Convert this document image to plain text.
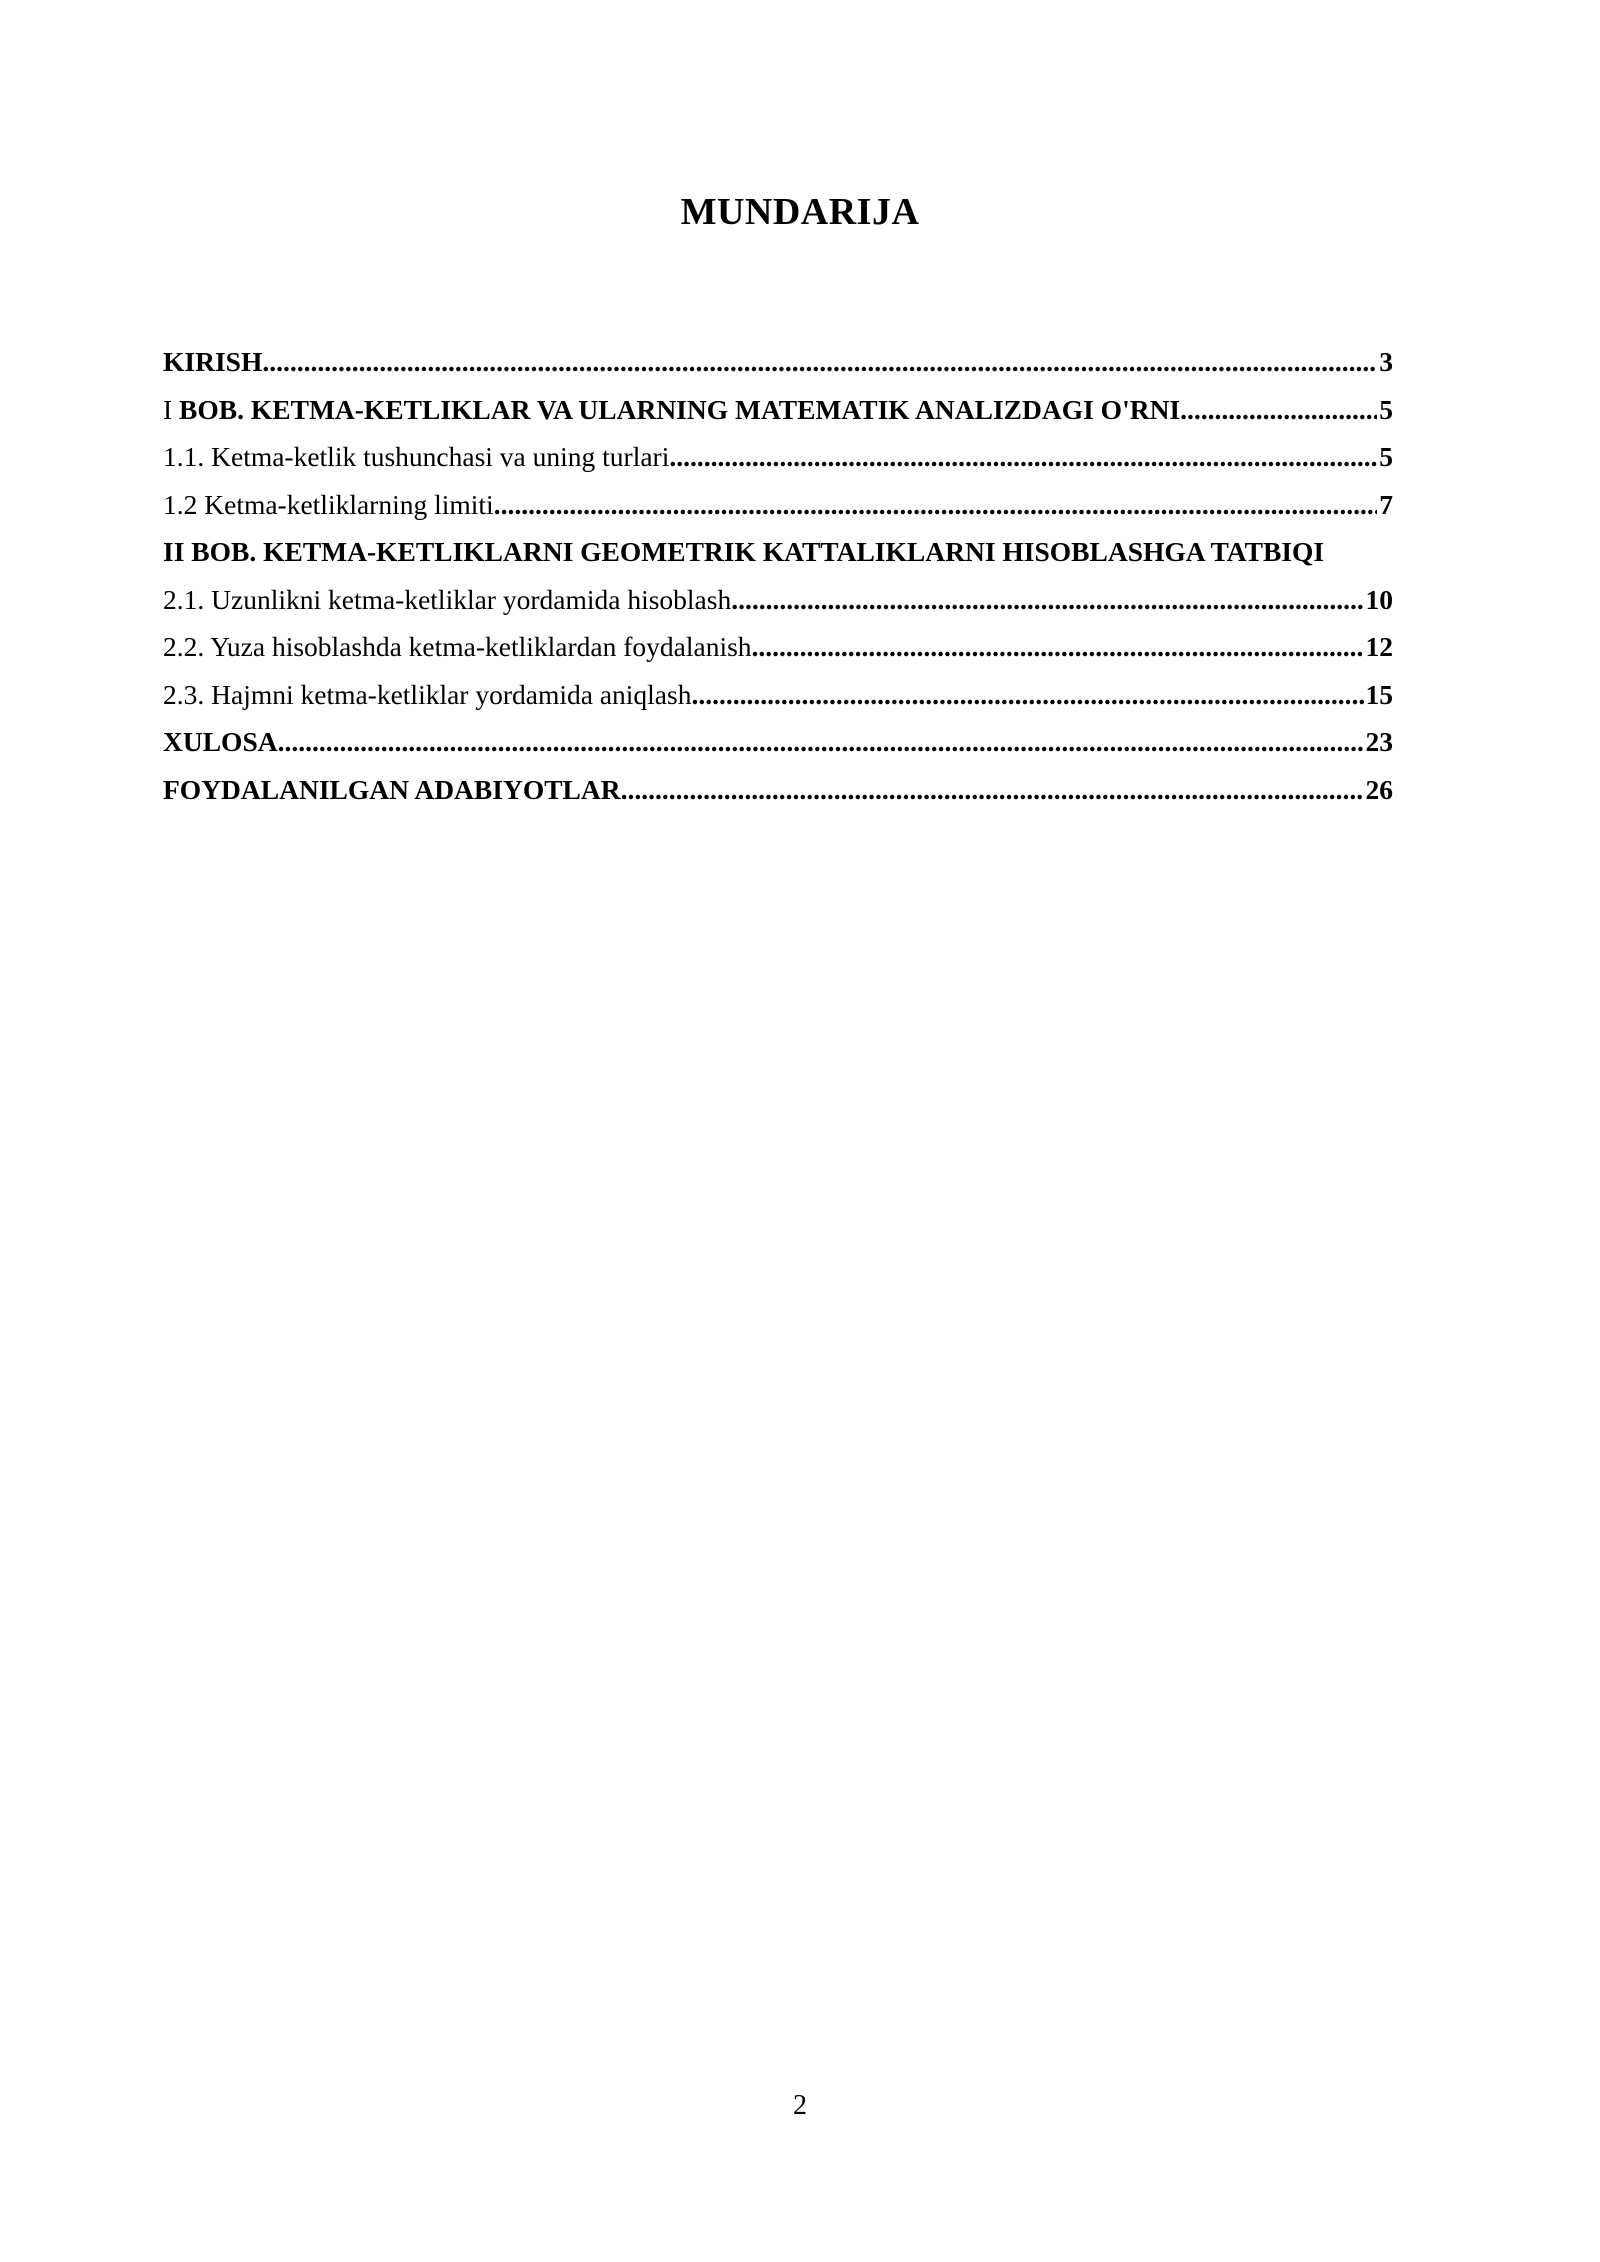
MUNDARIJA
KIRISH .....	3
I BOB. KETMA-KETLIKLAR VA ULARNING MATEMATIK ANALIZDAGI O'RNI .....	5
1.1. Ketma-ketlik tushunchasi va uning turlari .....	5
1.2 Ketma-ketliklarning limiti .....	7
II BOB. KETMA-KETLIKLARNI GEOMETRIK KATTALIKLARNI HISOBLASHGA TATBIQI
2.1. Uzunlikni ketma-ketliklar yordamida hisoblash .....	10
2.2. Yuza hisoblashda ketma-ketliklardan foydalanish .....	12
2.3. Hajmni ketma-ketliklar yordamida aniqlash .....	15
XULOSA .....	23
FOYDALANILGAN ADABIYOTLAR .....	26
2
